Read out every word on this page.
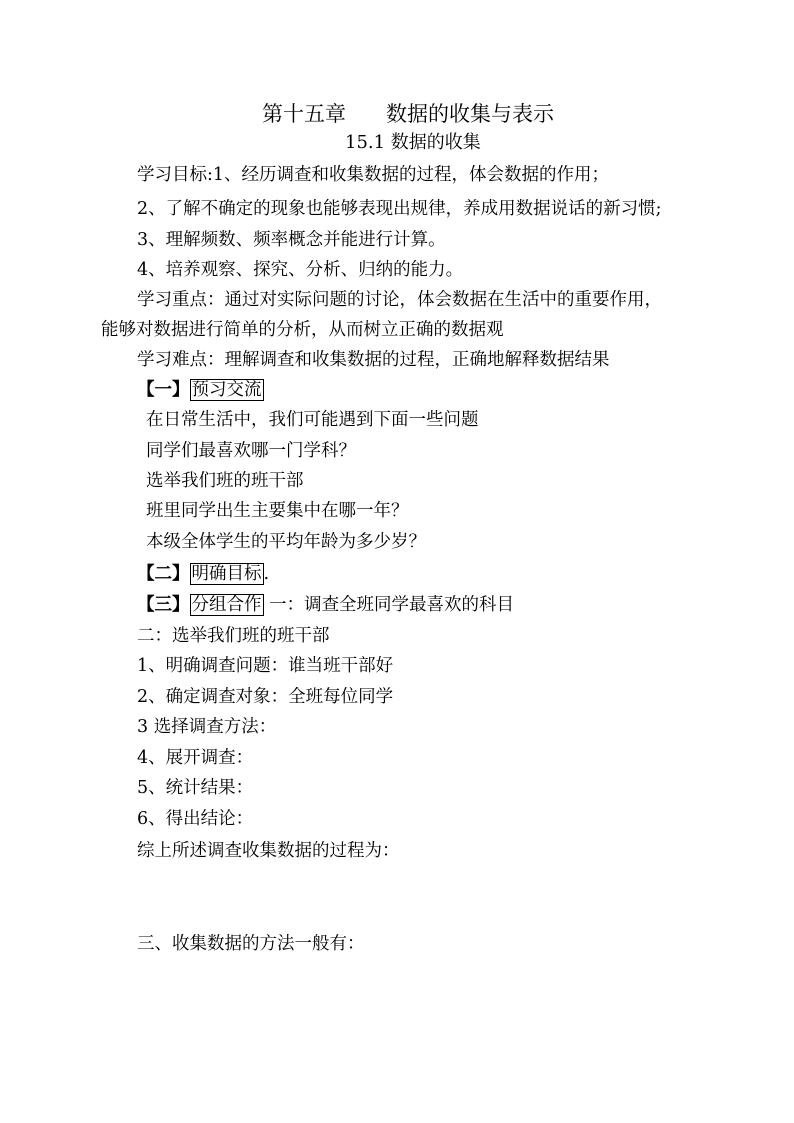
第十五章 数据的收集与表示
15.1 数据的收集
学习目标:1、经历调查和收集数据的过程，体会数据的作用；
2、了解不确定的现象也能够表现出规律，养成用数据说话的新习惯;
3、理解频数、频率概念并能进行计算。
4、培养观察、探究、分析、归纳的能力。
学习重点：通过对实际问题的讨论，体会数据在生活中的重要作用，
能够对数据进行简单的分析，从而树立正确的数据观
学习难点：理解调查和收集数据的过程，正确地解释数据结果
【一】 预习交流
在日常生活中，我们可能遇到下面一些问题
同学们最喜欢哪一门学科？
选举我们班的班干部
班里同学出生主要集中在哪一年？
本级全体学生的平均年龄为多少岁？
【二】 明确目标 .
【三】 分组合作 一：调查全班同学最喜欢的科目
二：选举我们班的班干部
1、明确调查问题：谁当班干部好
2、确定调查对象：全班每位同学
3 选择调查方法：
4、展开调查：
5、统计结果：
6、得出结论：
综上所述调查收集数据的过程为：
三、收集数据的方法一般有：
